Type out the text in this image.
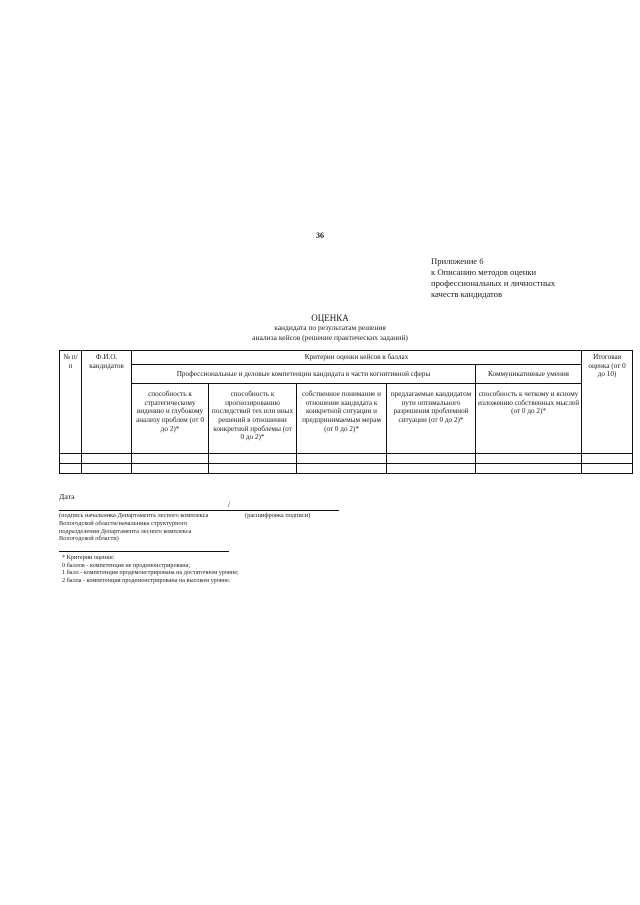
36
Приложение 6
к Описанию методов оценки
профессиональных и личностных
качеств кандидатов
ОЦЕНКА
кандидата по результатам решения
анализа кейсов (решение практических заданий)
№ п/п	Ф.И.О. кандидатов	Критерии оценки кейсов в баллах					Итоговая оценка (от 0 до 10)
		Профессиональные и деловые компетенции кандидата в части когнитивной сферы				Коммуникативные умения	
		способность к стратегическому видению и глубокому анализу проблем (от 0 до 2)*	способность к прогнозированию последствий тех или иных решений в отношении конкретной проблемы (от 0 до 2)*	собственное понимание и отношение кандидата к конкретной ситуации и предпринимаемым мерам (от 0 до 2)*	предлагаемые кандидатом пути оптимального разрешения проблемной ситуации (от 0 до 2)*	способность к четкому и ясному изложению собственных мыслей (от 0 до 2)*	

Дата
/
(подпись начальника Департамента лесного комплекса Вологодской области/начальника структурного подразделения Департамента лесного комплекса Вологодской области)
(расшифровка подписи)
* Критерии оценки:
0 баллов - компетенция не продемонстрирована;
1 балл - компетенция продемонстрирована на достаточном уровне;
2 балла - компетенция продемонстрирована на высоком уровне.
